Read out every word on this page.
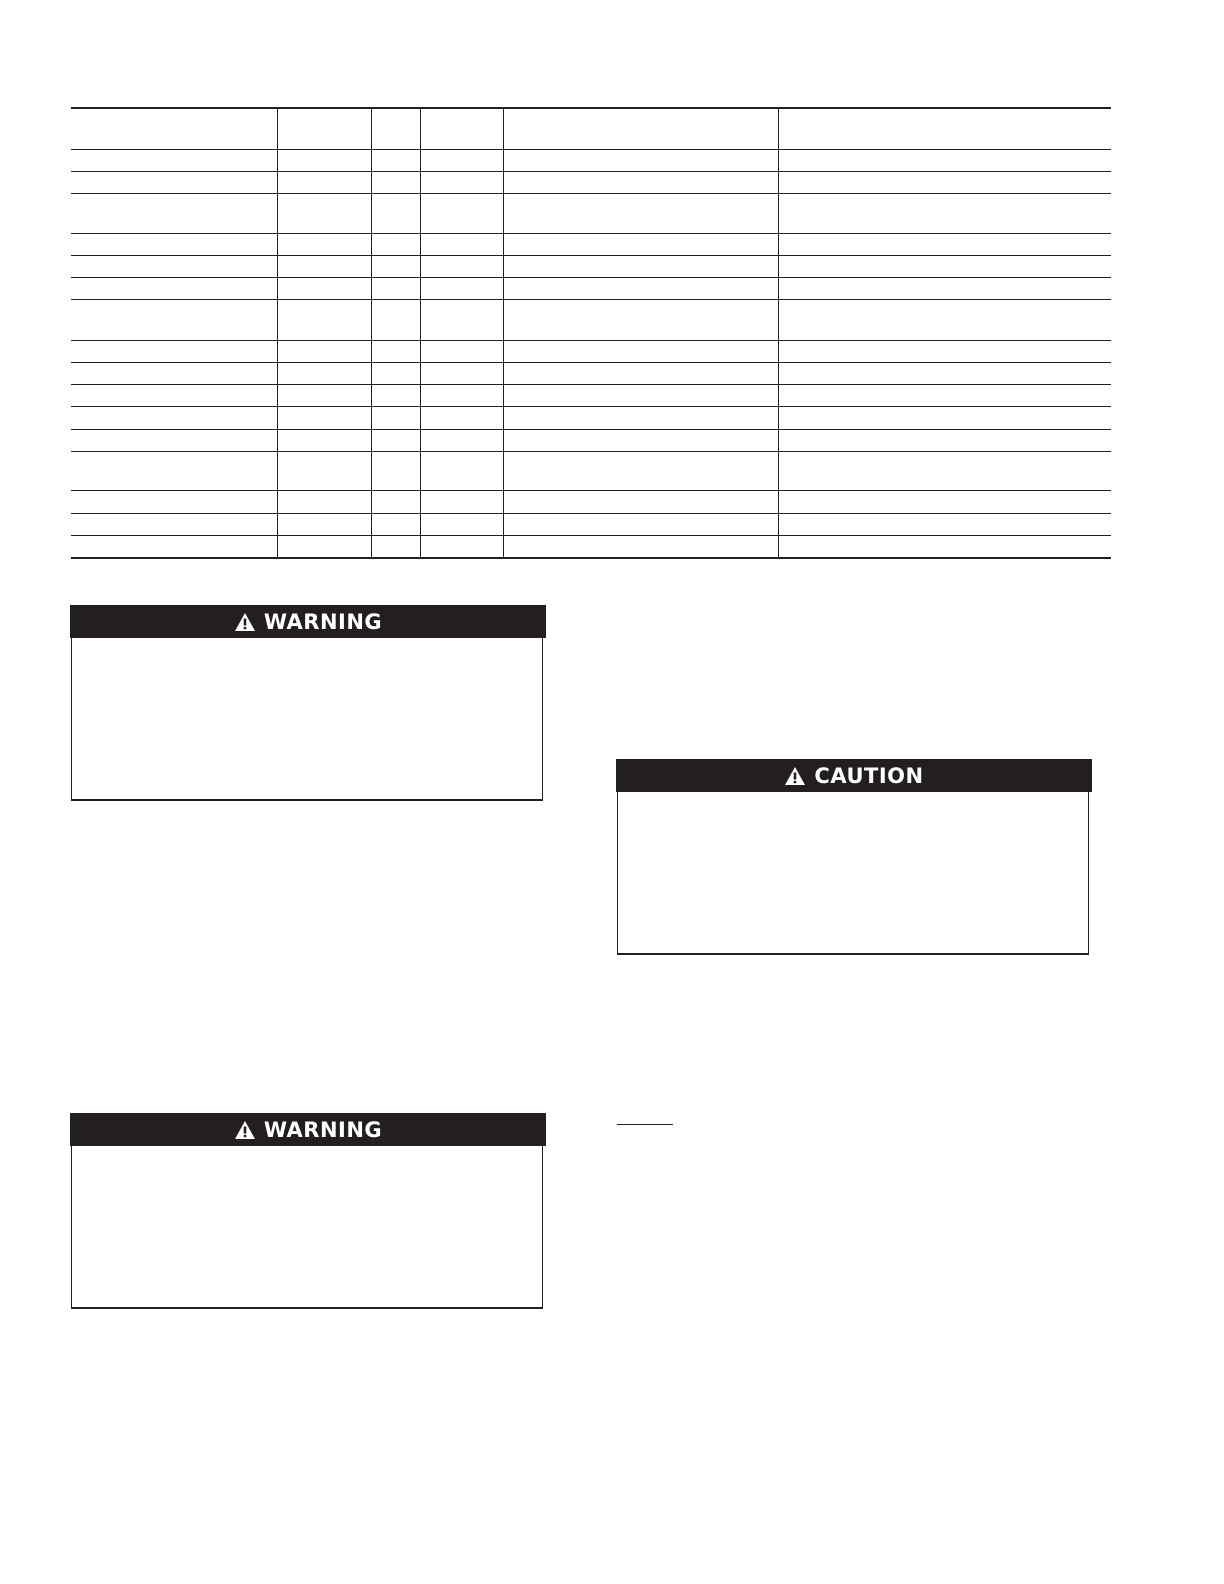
WARNING
CAUTION
WARNING
